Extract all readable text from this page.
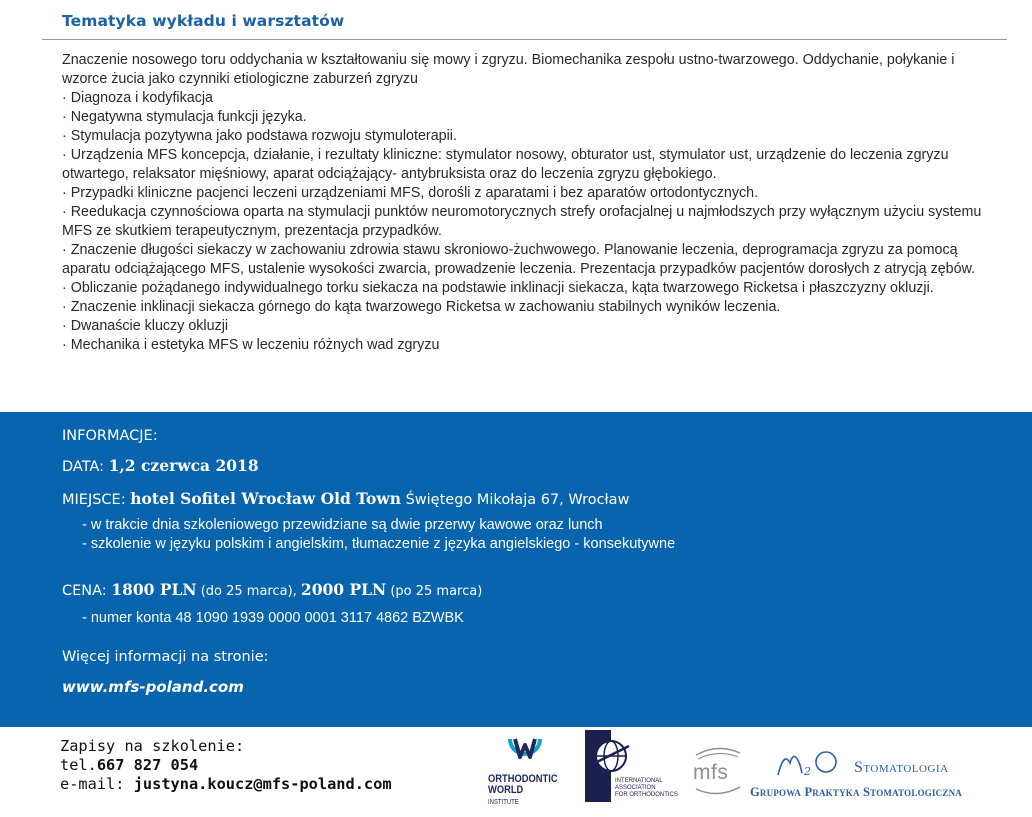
Tematyka wykładu i warsztatów

Znaczenie nosowego toru oddychania w kształtowaniu się mowy i zgryzu. Biomechanika zespołu ustno-twarzowego. Oddychanie, połykanie i wzorce żucia jako czynniki etiologiczne zaburzeń zgryzu

· Diagnoza i kodyfikacja

· Negatywna stymulacja funkcji języka.

· Stymulacja pozytywna jako podstawa rozwoju stymuloterapii.

· Urządzenia MFS koncepcja, działanie, i rezultaty kliniczne: stymulator nosowy, obturator ust, stymulator ust, urządzenie do leczenia zgryzu otwartego, relaksator mięśniowy, aparat odciążający- antybruksista oraz do leczenia zgryzu głębokiego.

· Przypadki kliniczne pacjenci leczeni urządzeniami MFS, dorośli z aparatami i bez aparatów ortodontycznych.

· Reedukacja czynnościowa oparta na stymulacji punktów neuromotorycznych strefy orofacjalnej u najmłodszych przy wyłącznym użyciu systemu MFS ze skutkiem terapeutycznym, prezentacja przypadków.

· Znaczenie długości siekaczy w zachowaniu zdrowia stawu skroniowo-żuchwowego. Planowanie leczenia, deprogramacja zgryzu za pomocą aparatu odciążającego MFS, ustalenie wysokości zwarcia, prowadzenie leczenia. Prezentacja przypadków pacjentów dorosłych z atrycją zębów.

· Obliczanie pożądanego indywidualnego torku siekacza na podstawie inklinacji siekacza, kąta twarzowego Ricketsa i płaszczyzny okluzji.

· Znaczenie inklinacji siekacza górnego do kąta twarzowego Ricketsa w zachowaniu stabilnych wyników leczenia.

· Dwanaście kluczy okluzji

· Mechanika i estetyka MFS w leczeniu różnych wad zgryzu

INFORMACJE:
DATA: 1,2 czerwca 2018
MIEJSCE: hotel Sofitel Wrocław Old Town Świętego Mikołaja 67, Wrocław
- w trakcie dnia szkoleniowego przewidziane są dwie przerwy kawowe oraz lunch
- szkolenie w języku polskim i angielskim, tłumaczenie z języka angielskiego - konsekutywne
CENA: 1800 PLN (do 25 marca), 2000 PLN (po 25 marca)
- numer konta 48 1090 1939 0000 0001 3117 4862 BZWBK
Więcej informacji na stronie:
www.mfs-poland.com
Zapisy na szkolenie:
tel.667 827 054
e-mail: justyna.koucz@mfs-poland.com	ORTHODONTIC
WORLD INSTITUTE
INTERNATIONAL
ASSOCIATION
FOR ORTHODONTICS
mfs	2	Stomatologia
Grupowa Praktyka Stomatologiczna
